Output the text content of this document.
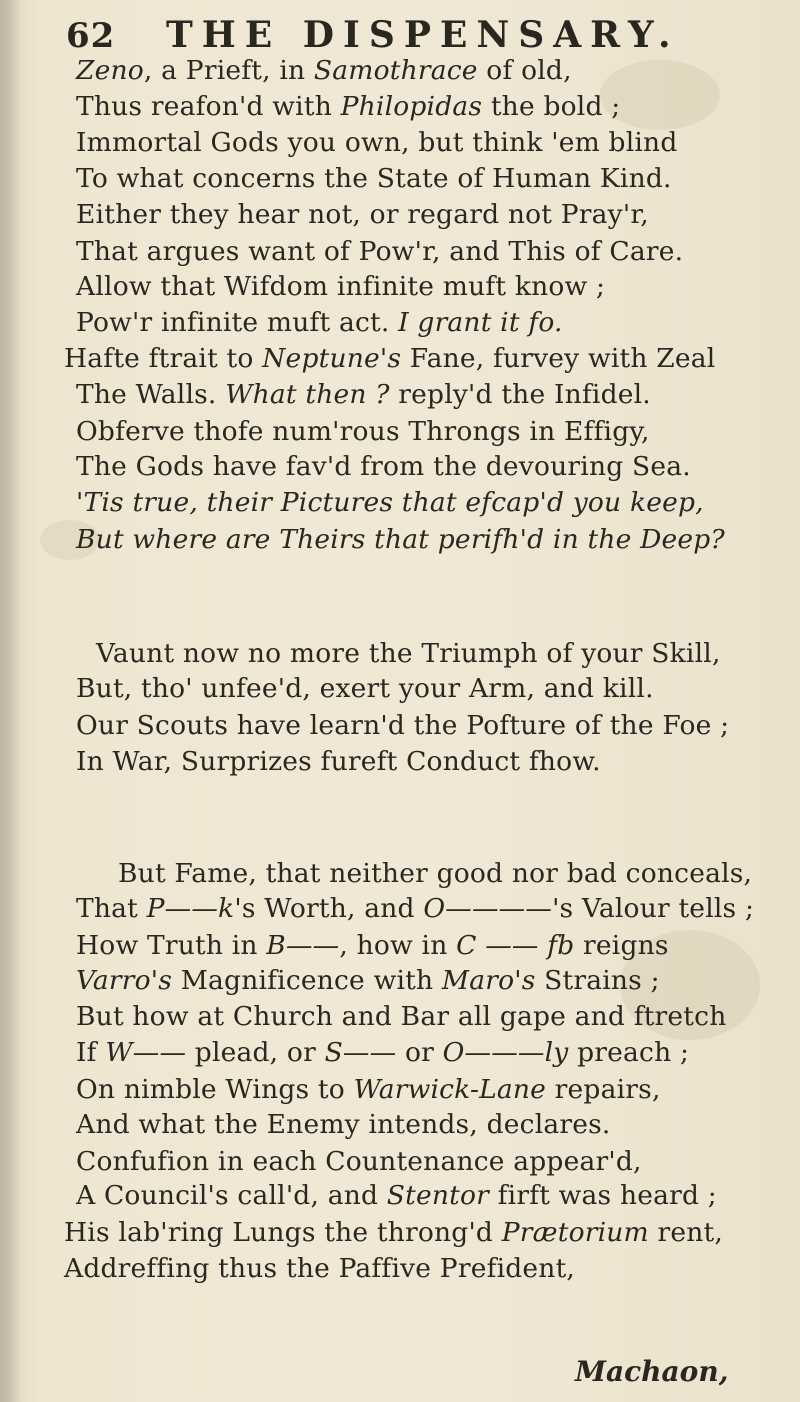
62 THE DISPENSARY.
Zeno, a Prieft, in Samothrace of old,
Thus reafon'd with Philopidas the bold ;
Immortal Gods you own, but think 'em blind
To what concerns the State of Human Kind.
Either they hear not, or regard not Pray'r,
That argues want of Pow'r, and This of Care.
Allow that Wifdom infinite muft know ;
Pow'r infinite muft act. I grant it fo.
Hafte ftrait to Neptune's Fane, furvey with Zeal
The Walls. What then ? reply'd the Infidel.
Obferve thofe num'rous Throngs in Effigy,
The Gods have fav'd from the devouring Sea.
'Tis true, their Pictures that efcap'd you keep,
But where are Theirs that perifh'd in the Deep?
Vaunt now no more the Triumph of your Skill,
But, tho' unfee'd, exert your Arm, and kill.
Our Scouts have learn'd the Pofture of the Foe ;
In War, Surprizes fureft Conduct fhow.
But Fame, that neither good nor bad conceals,
That P——k's Worth, and O————'s Valour tells ;
How Truth in B——, how in C —— fb reigns
Varro's Magnificence with Maro's Strains ;
But how at Church and Bar all gape and ftretch
If W—— plead, or S—— or O———ly preach ;
On nimble Wings to Warwick-Lane repairs,
And what the Enemy intends, declares.
Confufion in each Countenance appear'd,
A Council's call'd, and Stentor firft was heard ;
His lab'ring Lungs the throng'd Prætorium rent,
Addreffing thus the Paffive Prefident,
Machaon,
